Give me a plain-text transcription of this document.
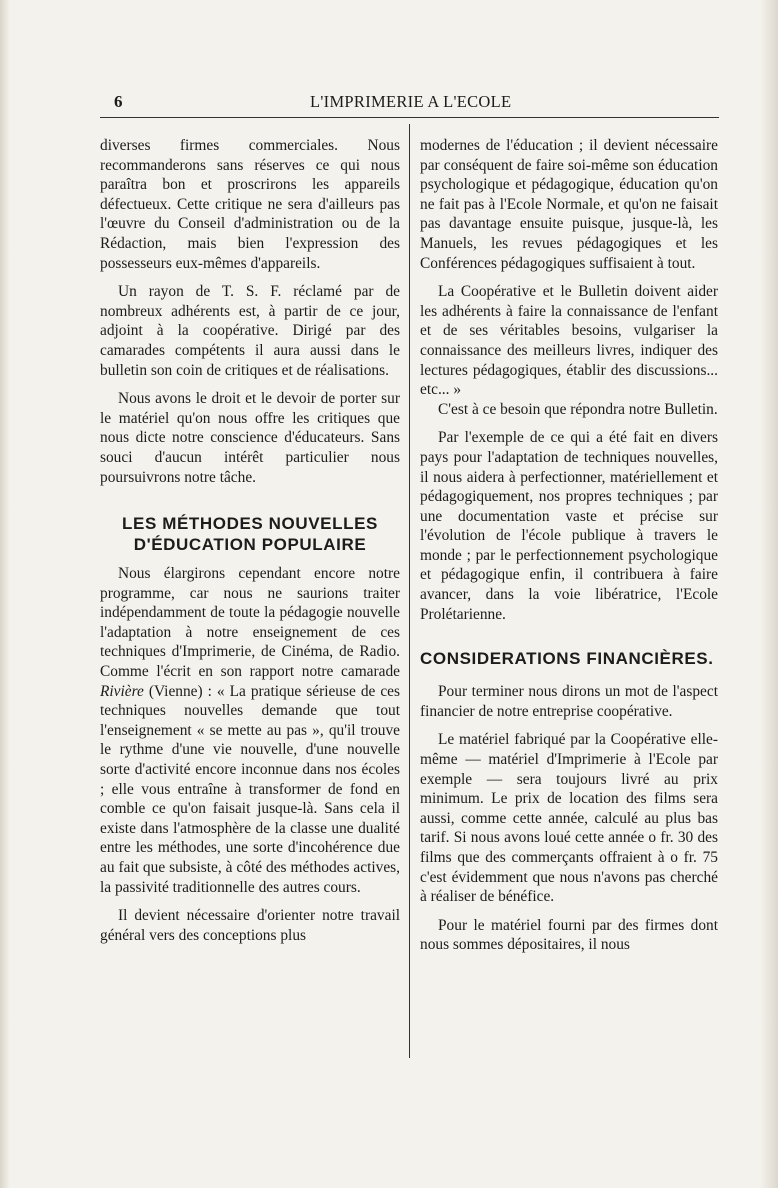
6	L'IMPRIMERIE A L'ECOLE

diverses firmes commerciales. Nous recommanderons sans réserves ce qui nous paraîtra bon et proscrirons les appareils défectueux. Cette critique ne sera d'ailleurs pas l'œuvre du Conseil d'administration ou de la Rédaction, mais bien l'expression des possesseurs eux-mêmes d'appareils.

Un rayon de T. S. F. réclamé par de nombreux adhérents est, à partir de ce jour, adjoint à la coopérative. Dirigé par des camarades compétents il aura aussi dans le bulletin son coin de critiques et de réalisations.

Nous avons le droit et le devoir de porter sur le matériel qu'on nous offre les critiques que nous dicte notre conscience d'éducateurs. Sans souci d'aucun intérêt particulier nous poursuivrons notre tâche.

LES MÉTHODES NOUVELLES
D'ÉDUCATION POPULAIRE

Nous élargirons cependant encore notre programme, car nous ne saurions traiter indépendamment de toute la pédagogie nouvelle l'adaptation à notre enseignement de ces techniques d'Imprimerie, de Cinéma, de Radio. Comme l'écrit en son rapport notre camarade Rivière (Vienne) : « La pratique sérieuse de ces techniques nouvelles demande que tout l'enseignement « se mette au pas », qu'il trouve le rythme d'une vie nouvelle, d'une nouvelle sorte d'activité encore inconnue dans nos écoles ; elle vous entraîne à transformer de fond en comble ce qu'on faisait jusque-là. Sans cela il existe dans l'atmosphère de la classe une dualité entre les méthodes, une sorte d'incohérence due au fait que subsiste, à côté des méthodes actives, la passivité traditionnelle des autres cours.

Il devient nécessaire d'orienter notre travail général vers des conceptions plus

modernes de l'éducation ; il devient nécessaire par conséquent de faire soi-même son éducation psychologique et pédagogique, éducation qu'on ne fait pas à l'Ecole Normale, et qu'on ne faisait pas davantage ensuite puisque, jusque-là, les Manuels, les revues pédagogiques et les Conférences pédagogiques suffisaient à tout.

La Coopérative et le Bulletin doivent aider les adhérents à faire la connaissance de l'enfant et de ses véritables besoins, vulgariser la connaissance des meilleurs livres, indiquer des lectures pédagogiques, établir des discussions... etc... »

C'est à ce besoin que répondra notre Bulletin.

Par l'exemple de ce qui a été fait en divers pays pour l'adaptation de techniques nouvelles, il nous aidera à perfectionner, matériellement et pédagogiquement, nos propres techniques ; par une documentation vaste et précise sur l'évolution de l'école publique à travers le monde ; par le perfectionnement psychologique et pédagogique enfin, il contribuera à faire avancer, dans la voie libératrice, l'Ecole Prolétarienne.

CONSIDERATIONS FINANCIÈRES.

Pour terminer nous dirons un mot de l'aspect financier de notre entreprise coopérative.

Le matériel fabriqué par la Coopérative elle-même — matériel d'Imprimerie à l'Ecole par exemple — sera toujours livré au prix minimum. Le prix de location des films sera aussi, comme cette année, calculé au plus bas tarif. Si nous avons loué cette année o fr. 30 des films que des commerçants offraient à o fr. 75 c'est évidemment que nous n'avons pas cherché à réaliser de bénéfice.

Pour le matériel fourni par des firmes dont nous sommes dépositaires, il nous
